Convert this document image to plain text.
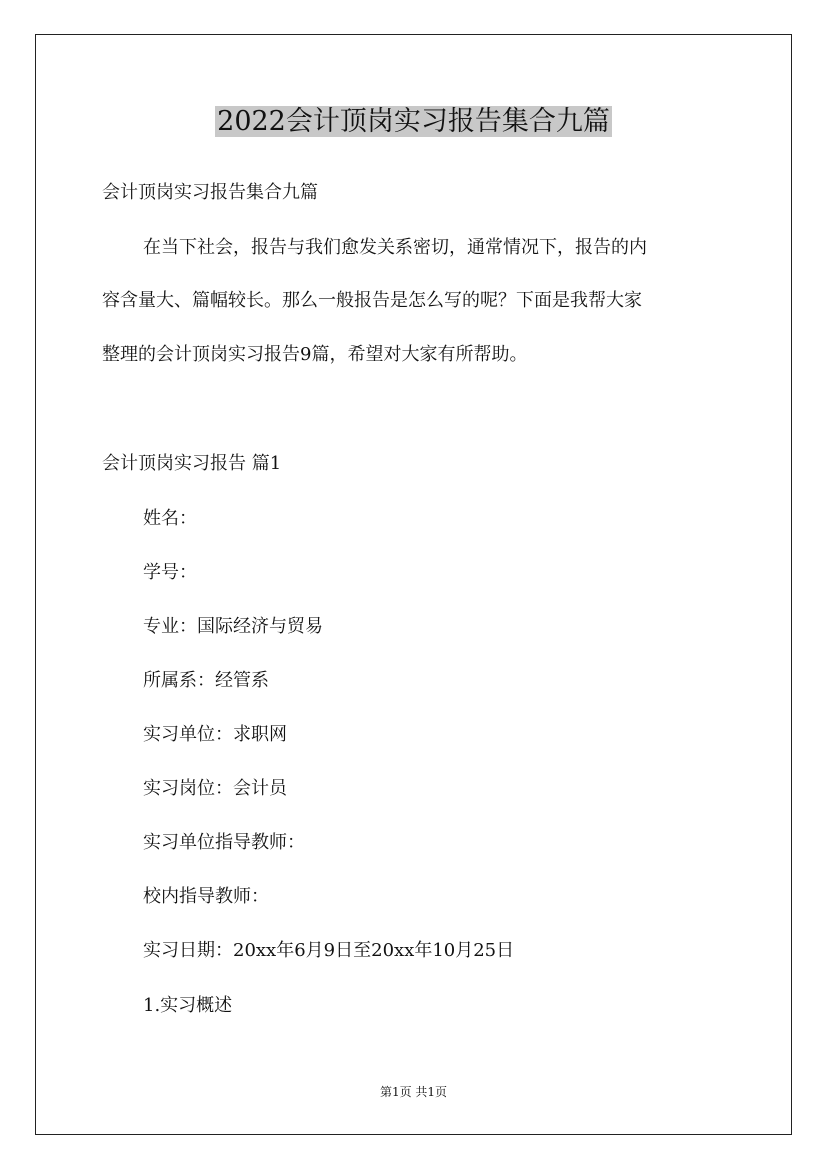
2022会计顶岗实习报告集合九篇
会计顶岗实习报告集合九篇
在当下社会，报告与我们愈发关系密切，通常情况下，报告的内
容含量大、篇幅较长。那么一般报告是怎么写的呢？下面是我帮大家
整理的会计顶岗实习报告9篇，希望对大家有所帮助。
会计顶岗实习报告 篇1
姓名：
学号：
专业：国际经济与贸易
所属系：经管系
实习单位：求职网
实习岗位：会计员
实习单位指导教师：
校内指导教师：
实习日期：20xx年6月9日至20xx年10月25日
1.实习概述
第1页 共1页
